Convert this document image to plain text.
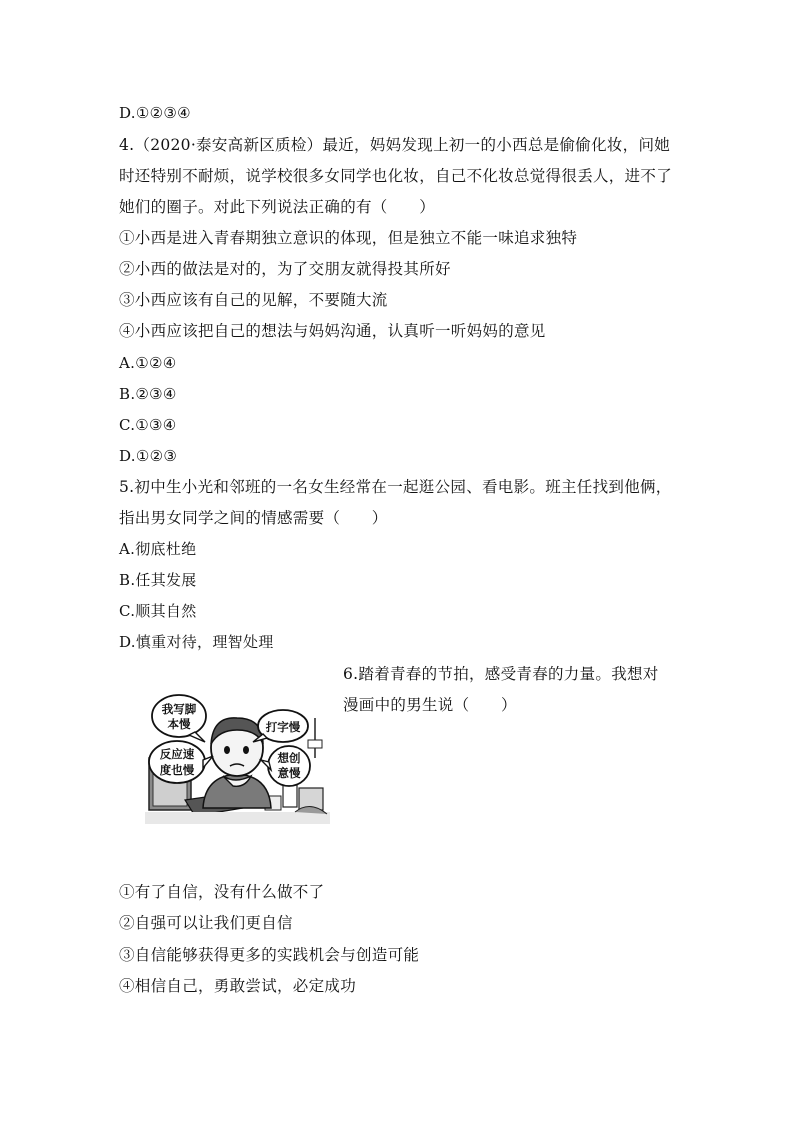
D.①②③④
4.（2020·泰安高新区质检）最近，妈妈发现上初一的小西总是偷偷化妆，问她
时还特别不耐烦，说学校很多女同学也化妆，自己不化妆总觉得很丢人，进不了
她们的圈子。对此下列说法正确的有（　　）
①小西是进入青春期独立意识的体现，但是独立不能一味追求独特
②小西的做法是对的，为了交朋友就得投其所好
③小西应该有自己的见解，不要随大流
④小西应该把自己的想法与妈妈沟通，认真听一听妈妈的意见
A.①②④
B.②③④
C.①③④
D.①②③
5.初中生小光和邻班的一名女生经常在一起逛公园、看电影。班主任找到他俩，
指出男女同学之间的情感需要（　　）
A.彻底杜绝
B.任其发展
C.顺其自然
D.慎重对待，理智处理
6.踏着青春的节拍，感受青春的力量。我想对
漫画中的男生说（　　）
我写脚
本慢	打字慢
反应速
度也慢
想创
意慢
①有了自信，没有什么做不了
②自强可以让我们更自信
③自信能够获得更多的实践机会与创造可能
④相信自己，勇敢尝试，必定成功
